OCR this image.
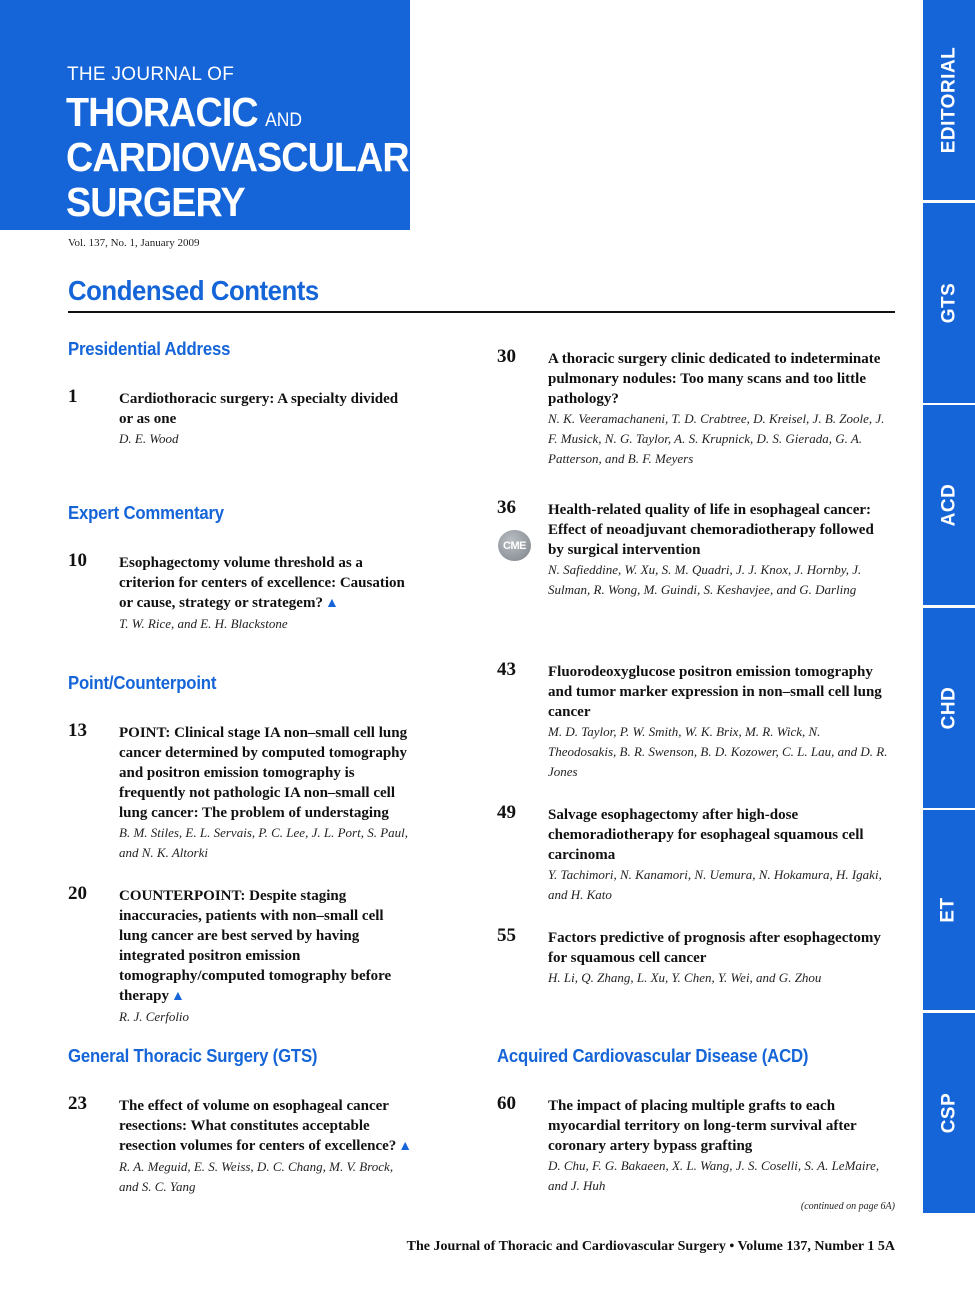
THE JOURNAL OF
THORACIC AND
CARDIOVASCULAR
SURGERY
Vol. 137, No. 1, January 2009
Condensed Contents
Presidential Address
1	Cardiothoracic surgery: A specialty divided or as one
D. E. Wood
Expert Commentary
10 Esophagectomy volume threshold as a criterion for centers of excellence: Causation or cause, strategy or strategem? ▲
T. W. Rice, and E. H. Blackstone
Point/Counterpoint
13 POINT: Clinical stage IA non–small cell lung cancer determined by computed tomography and positron emission tomography is frequently not pathologic IA non–small cell lung cancer: The problem of understaging
B. M. Stiles, E. L. Servais, P. C. Lee, J. L. Port, S. Paul, and N. K. Altorki
20 COUNTERPOINT: Despite staging inaccuracies, patients with non–small cell lung cancer are best served by having integrated positron emission tomography/computed tomography before therapy ▲
R. J. Cerfolio
General Thoracic Surgery (GTS)
23 The effect of volume on esophageal cancer resections: What constitutes acceptable resection volumes for centers of excellence? ▲
R. A. Meguid, E. S. Weiss, D. C. Chang, M. V. Brock, and S. C. Yang
30 A thoracic surgery clinic dedicated to indeterminate pulmonary nodules: Too many scans and too little pathology?
N. K. Veeramachaneni, T. D. Crabtree, D. Kreisel, J. B. Zoole, J. F. Musick, N. G. Taylor, A. S. Krupnick, D. S. Gierada, G. A. Patterson, and B. F. Meyers
36 Health-related quality of life in esophageal cancer: Effect of neoadjuvant chemoradiotherapy followed by surgical intervention
N. Safieddine, W. Xu, S. M. Quadri, J. J. Knox, J. Hornby, J. Sulman, R. Wong, M. Guindi, S. Keshavjee, and G. Darling
CME
43 Fluorodeoxyglucose positron emission tomography and tumor marker expression in non–small cell lung cancer
M. D. Taylor, P. W. Smith, W. K. Brix, M. R. Wick, N. Theodosakis, B. R. Swenson, B. D. Kozower, C. L. Lau, and D. R. Jones
49 Salvage esophagectomy after high-dose chemoradiotherapy for esophageal squamous cell carcinoma
Y. Tachimori, N. Kanamori, N. Uemura, N. Hokamura, H. Igaki, and H. Kato
55 Factors predictive of prognosis after esophagectomy for squamous cell cancer
H. Li, Q. Zhang, L. Xu, Y. Chen, Y. Wei, and G. Zhou
Acquired Cardiovascular Disease (ACD)
60 The impact of placing multiple grafts to each myocardial territory on long-term survival after coronary artery bypass grafting
D. Chu, F. G. Bakaeen, X. L. Wang, J. S. Coselli, S. A. LeMaire, and J. Huh
EDITORIAL
GTS
ACD
CHD
ET
CSP
(continued on page 6A)
The Journal of Thoracic and Cardiovascular Surgery • Volume 137, Number 1 5A
